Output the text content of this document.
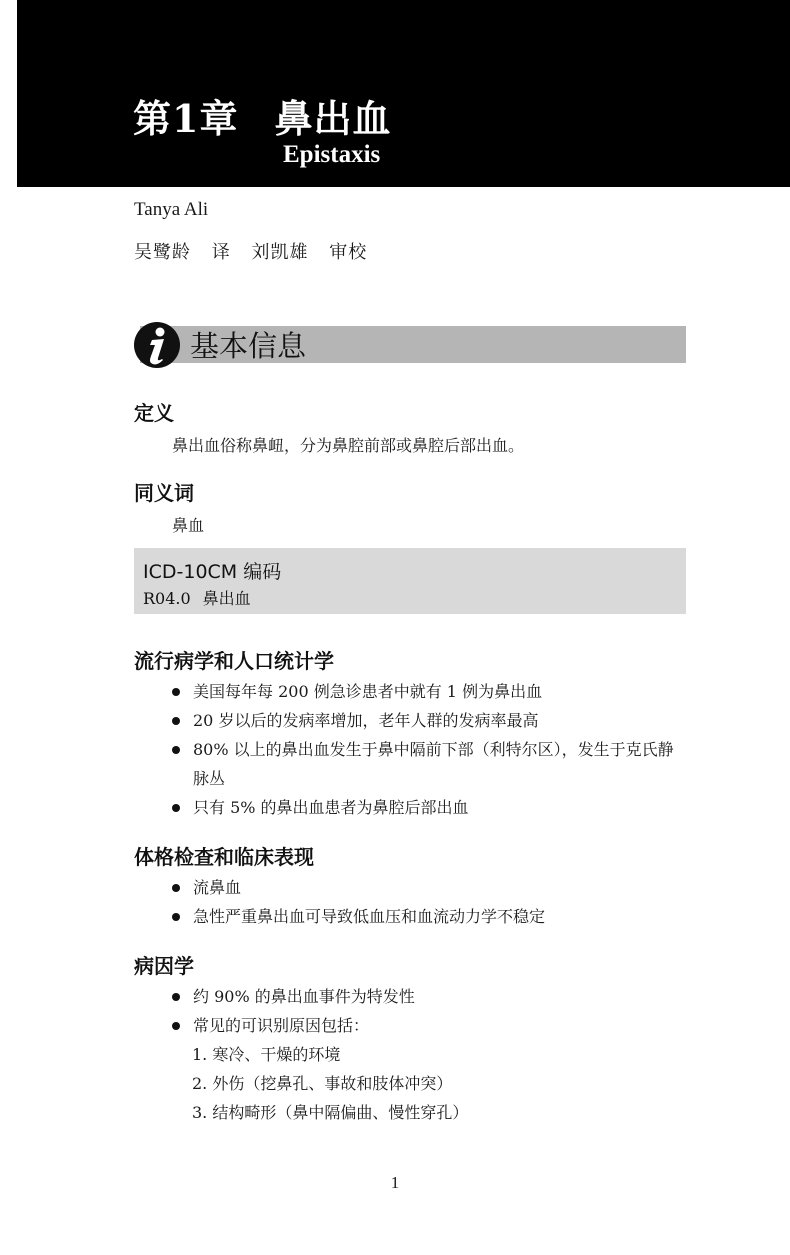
第1章 鼻出血

Epistaxis

Tanya Ali

吴鹭龄 译 刘凯雄 审校

基本信息

定义

鼻出血俗称鼻衄，分为鼻腔前部或鼻腔后部出血。

同义词

鼻血

ICD-10CM 编码

R04.0 鼻出血

流行病学和人口统计学
美国每年每 200 例急诊患者中就有 1 例为鼻出血
20 岁以后的发病率增加，老年人群的发病率最高
80% 以上的鼻出血发生于鼻中隔前下部（利特尔区），发生于克氏静脉丛
只有 5% 的鼻出血患者为鼻腔后部出血
体格检查和临床表现
流鼻血
急性严重鼻出血可导致低血压和血流动力学不稳定
病因学
约 90% 的鼻出血事件为特发性
常见的可识别原因包括：
1. 寒冷、干燥的环境
2. 外伤（挖鼻孔、事故和肢体冲突）
3. 结构畸形（鼻中隔偏曲、慢性穿孔）

1
